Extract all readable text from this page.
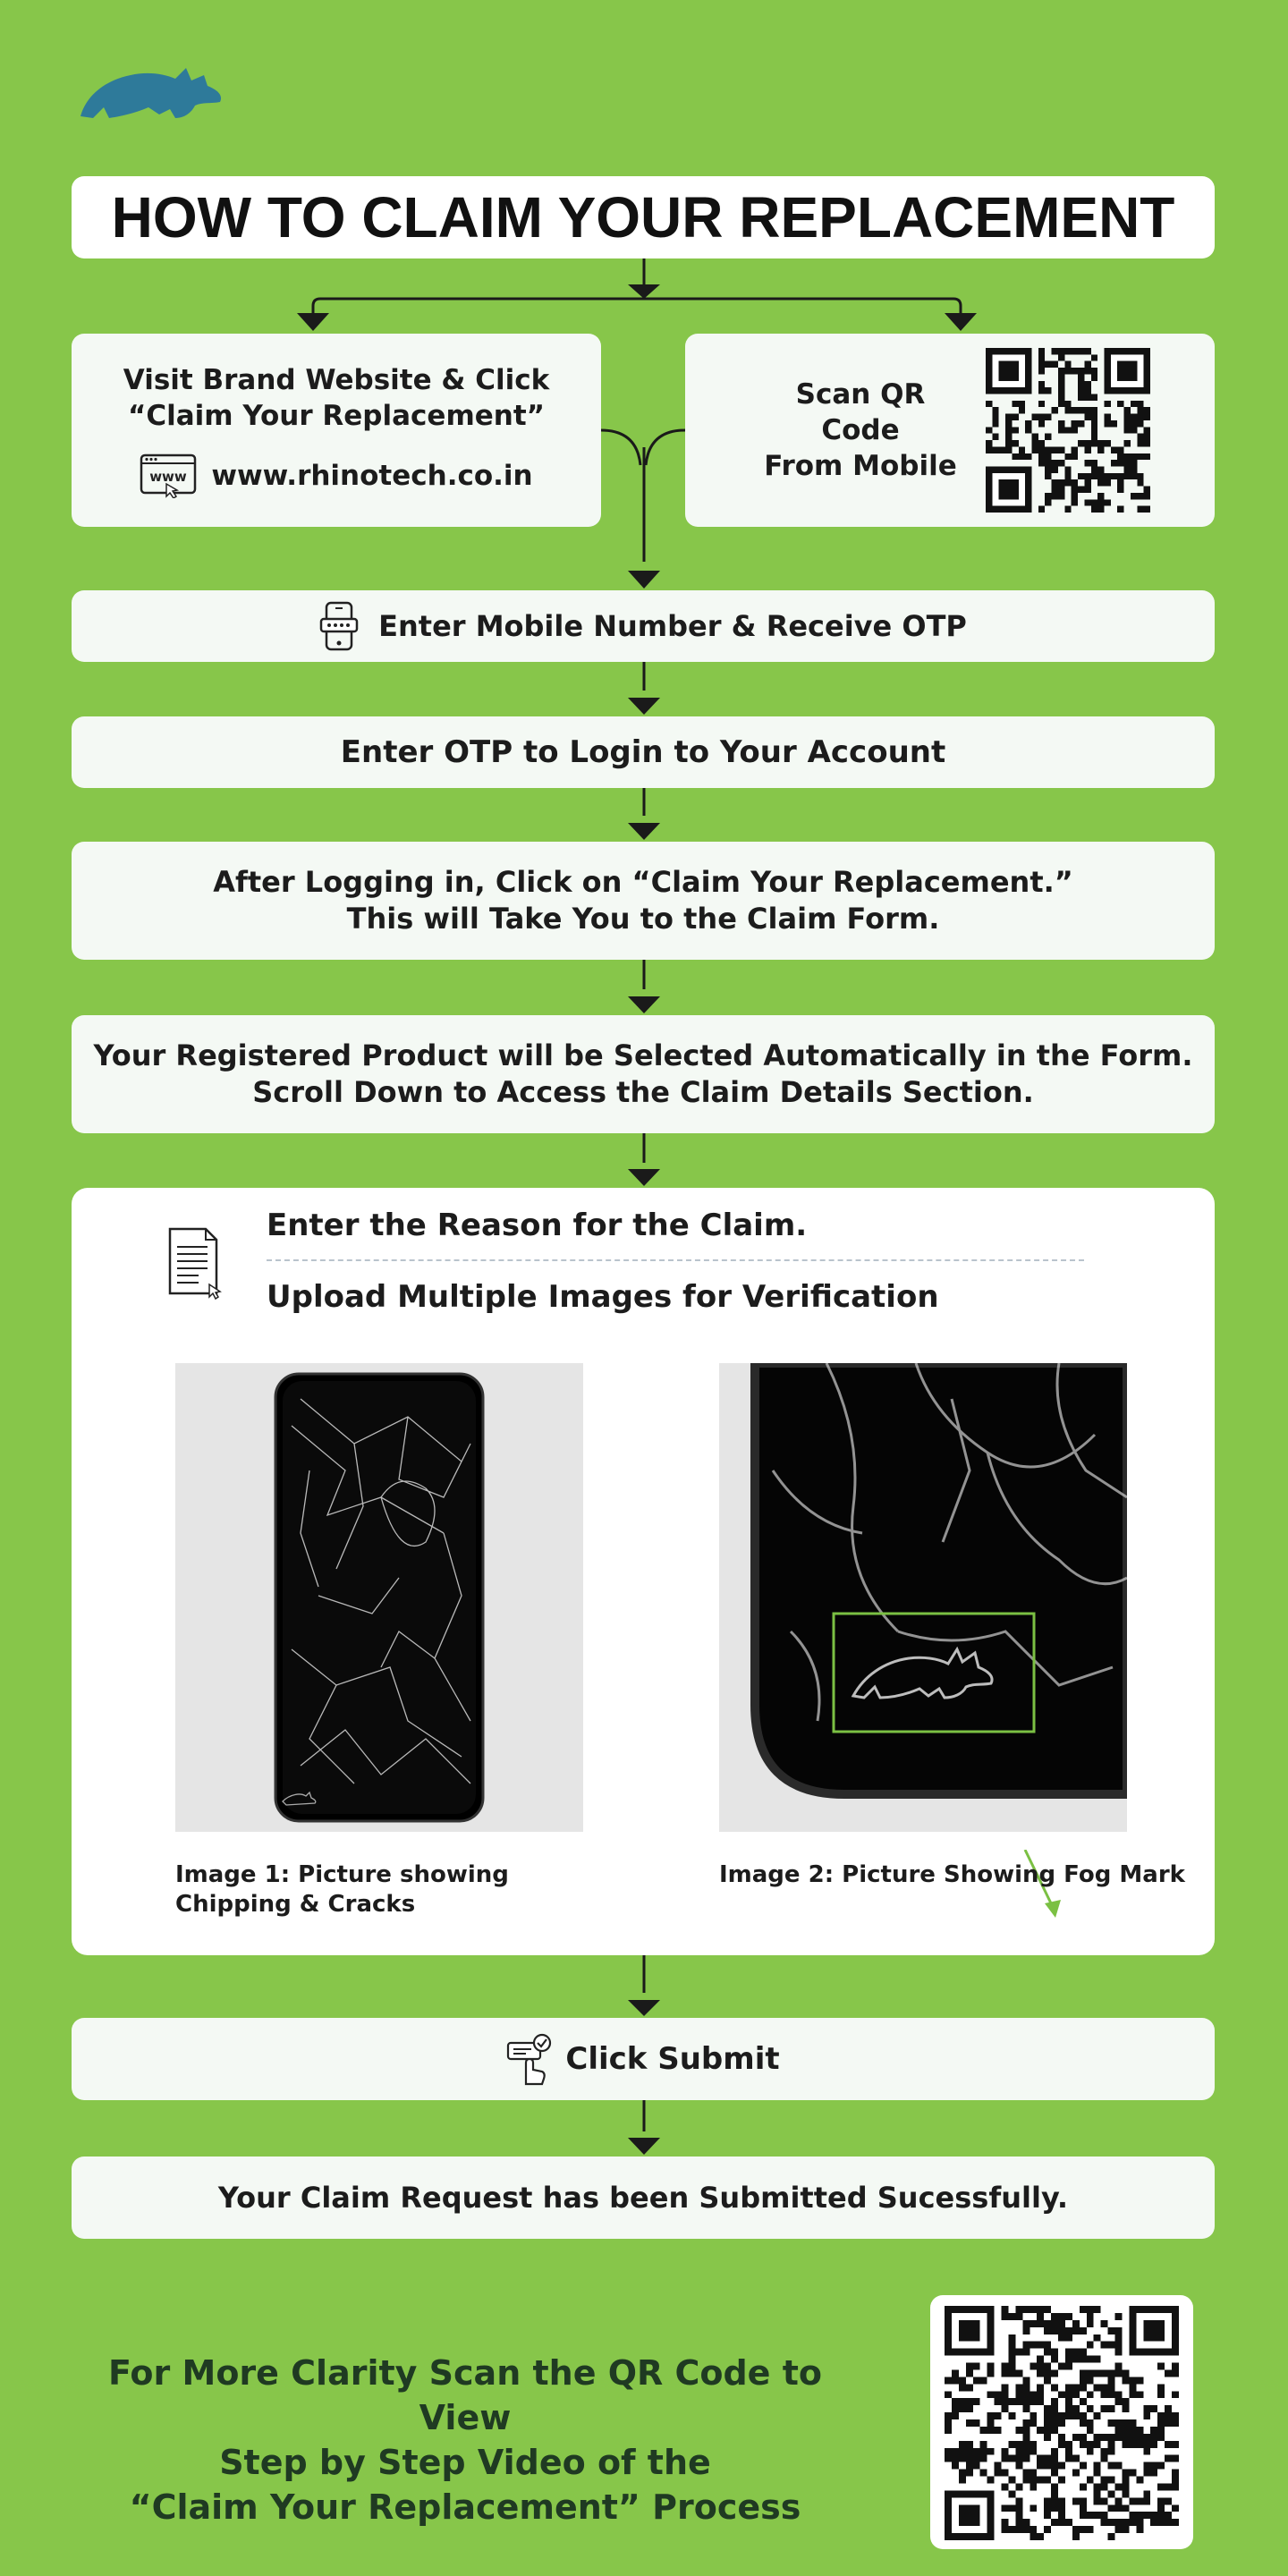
HOW TO CLAIM YOUR REPLACEMENT
Visit Brand Website & Click
“Claim Your Replacement”
www www.rhinotech.co.in
Scan QR Code
From Mobile
Enter Mobile Number & Receive OTP
Enter OTP to Login to Your Account
After Logging in, Click on “Claim Your Replacement.”
This will Take You to the Claim Form.
Your Registered Product will be Selected Automatically in the Form.
Scroll Down to Access the Claim Details Section.
Enter the Reason for the Claim.
Upload Multiple Images for Verification
Image 1: Picture showing
Chipping & Cracks
Image 2: Picture Showing Fog Mark
Click Submit
Your Claim Request has been Submitted Sucessfully.
For More Clarity Scan the QR Code to View
Step by Step Video of the
“Claim Your Replacement” Process
